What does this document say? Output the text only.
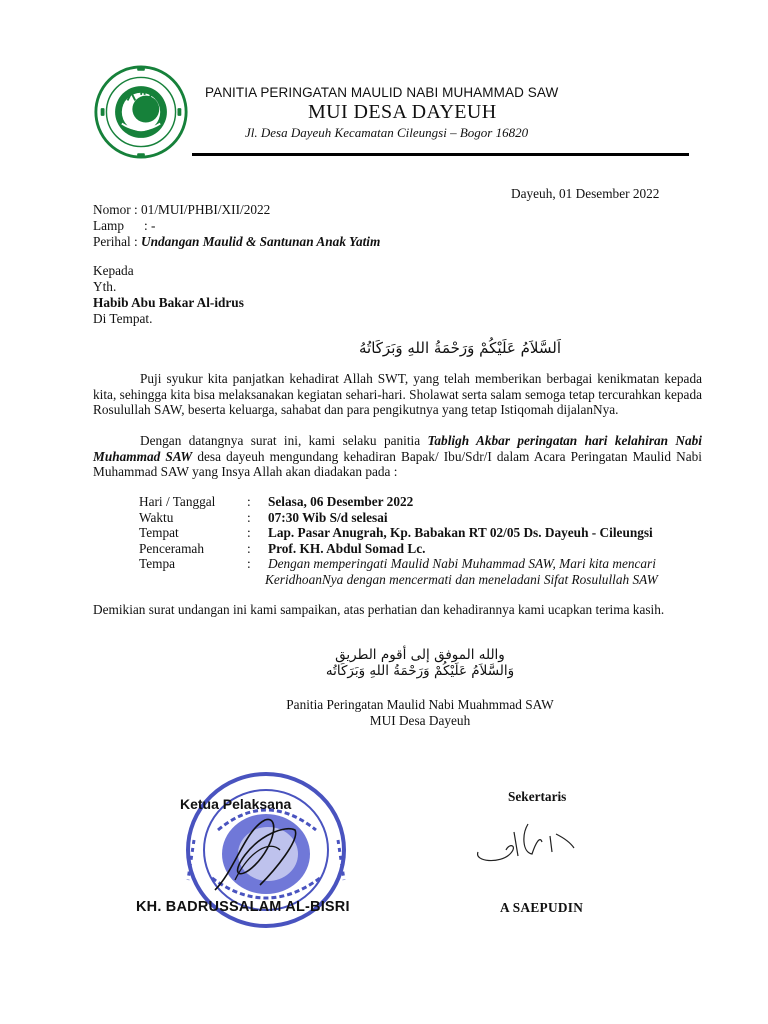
PANITIA PERINGATAN MAULID NABI MUHAMMAD SAW
MUI DESA DAYEUH
Jl. Desa Dayeuh Kecamatan Cileungsi – Bogor 16820
Dayeuh, 01 Desember 2022
Nomor : 01/MUI/PHBI/XII/2022
Lamp      : -
Perihal : Undangan Maulid & Santunan Anak Yatim
Kepada
Yth.
Habib Abu Bakar Al-idrus
Di Tempat.
اَلسَّلاَمُ عَلَيْكُمْ وَرَحْمَةُ اللهِ وَبَرَكَاتُهُ
Puji syukur kita panjatkan kehadirat Allah SWT, yang telah memberikan berbagai kenikmatan kepada kita, sehingga kita bisa melaksanakan kegiatan sehari-hari. Sholawat serta salam semoga tetap tercurahkan kepada Rosulullah SAW, beserta keluarga, sahabat dan para pengikutnya yang tetap Istiqomah dijalanNya.
Dengan datangnya surat ini, kami selaku panitia Tabligh Akbar peringatan hari kelahiran Nabi Muhammad SAW desa dayeuh mengundang kehadiran Bapak/ Ibu/Sdr/I dalam Acara Peringatan Maulid Nabi Muhammad SAW yang Insya Allah akan diadakan pada :
Hari / Tanggal : Selasa, 06 Desember 2022
Waktu	: 07:30 Wib S/d selesai
Tempat	: Lap. Pasar Anugrah, Kp. Babakan RT 02/05 Ds. Dayeuh - Cileungsi
Penceramah	: Prof. KH. Abdul Somad Lc.
Tempa	: Dengan memperingati Maulid Nabi Muhammad SAW, Mari kita mencari
KeridhoanNya dengan mencermati dan meneladani Sifat Rosulullah SAW
Demikian surat undangan ini kami sampaikan, atas perhatian dan kehadirannya kami ucapkan terima kasih.
والله الموفق إلى أقوم الطريق
وَالسَّلاَمُ عَلَيْكُمْ وَرَحْمَةُ اللهِ وَبَرَكَاتُه
Panitia Peringatan Maulid Nabi Muahmmad SAW
MUI Desa Dayeuh
Ketua Pelaksana
KH. BADRUSSALAM AL-BISRI
Sekertaris
A SAEPUDIN
